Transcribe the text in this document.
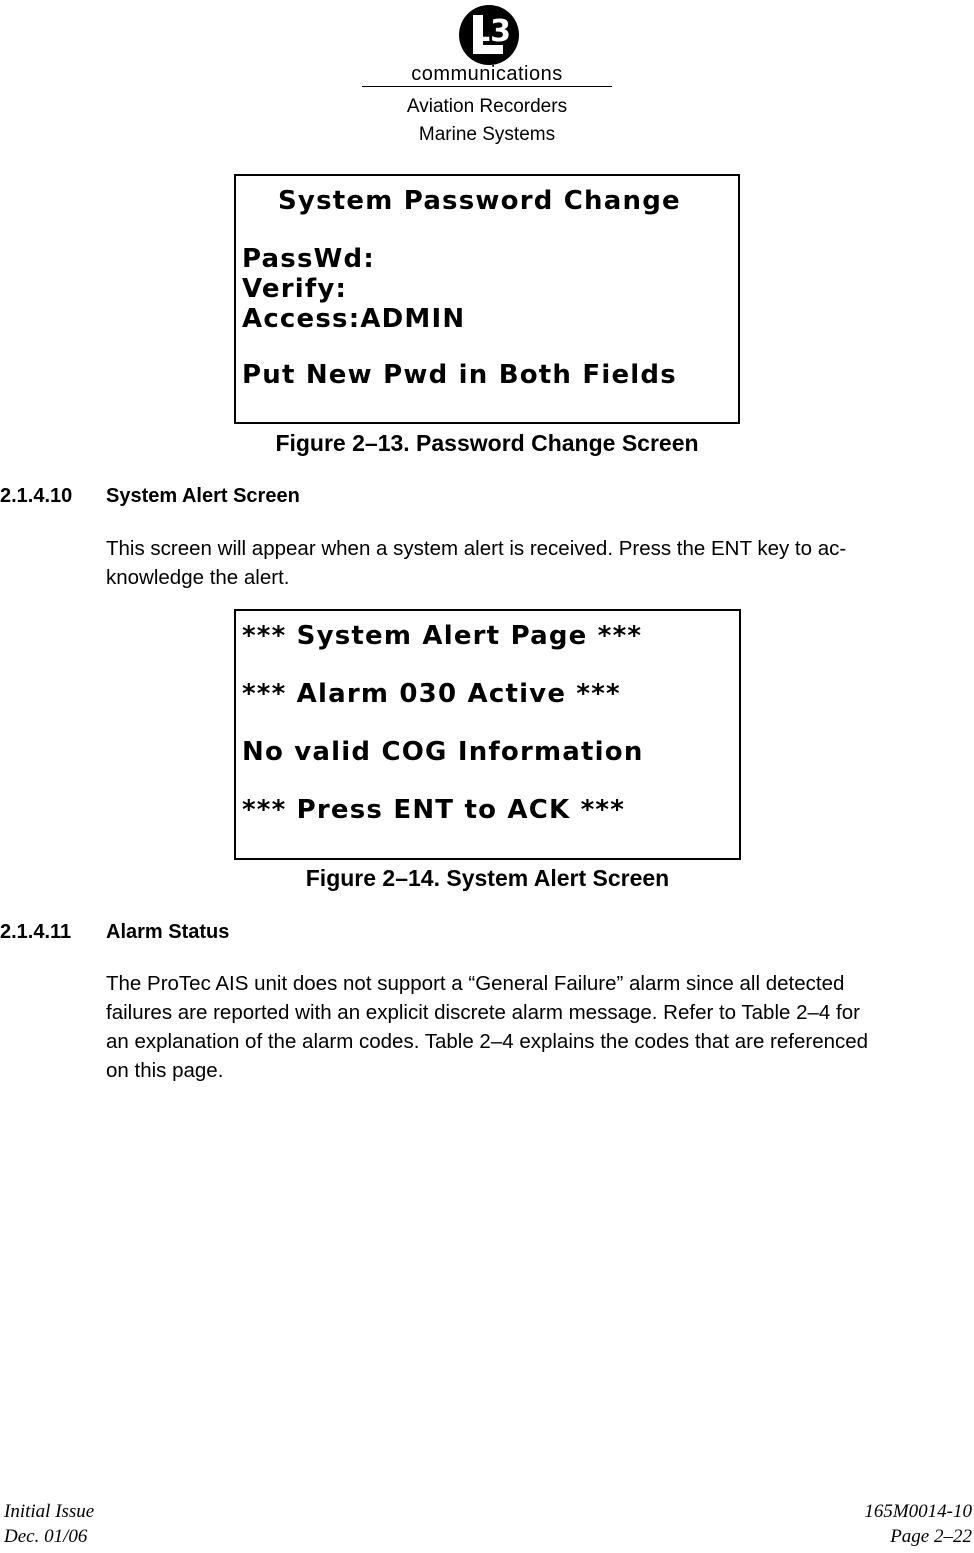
L3
communications
Aviation Recorders
Marine Systems
System Password Change
PassWd:
Verify:
Access:ADMIN
Put New Pwd in Both Fields
Figure 2–13. Password Change Screen
2.1.4.10 System Alert Screen
This screen will appear when a system alert is received. Press the ENT key to ac-
knowledge the alert.
*** System Alert Page ***
*** Alarm 030 Active ***
No valid COG Information
*** Press ENT to ACK ***
Figure 2–14. System Alert Screen
2.1.4.11 Alarm Status
The ProTec AIS unit does not support a “General Failure” alarm since all detected
failures are reported with an explicit discrete alarm message. Refer to Table 2–4 for
an explanation of the alarm codes. Table 2–4 explains the codes that are referenced
on this page.
Initial Issue
Dec. 01/06
165M0014-10
Page 2–22
